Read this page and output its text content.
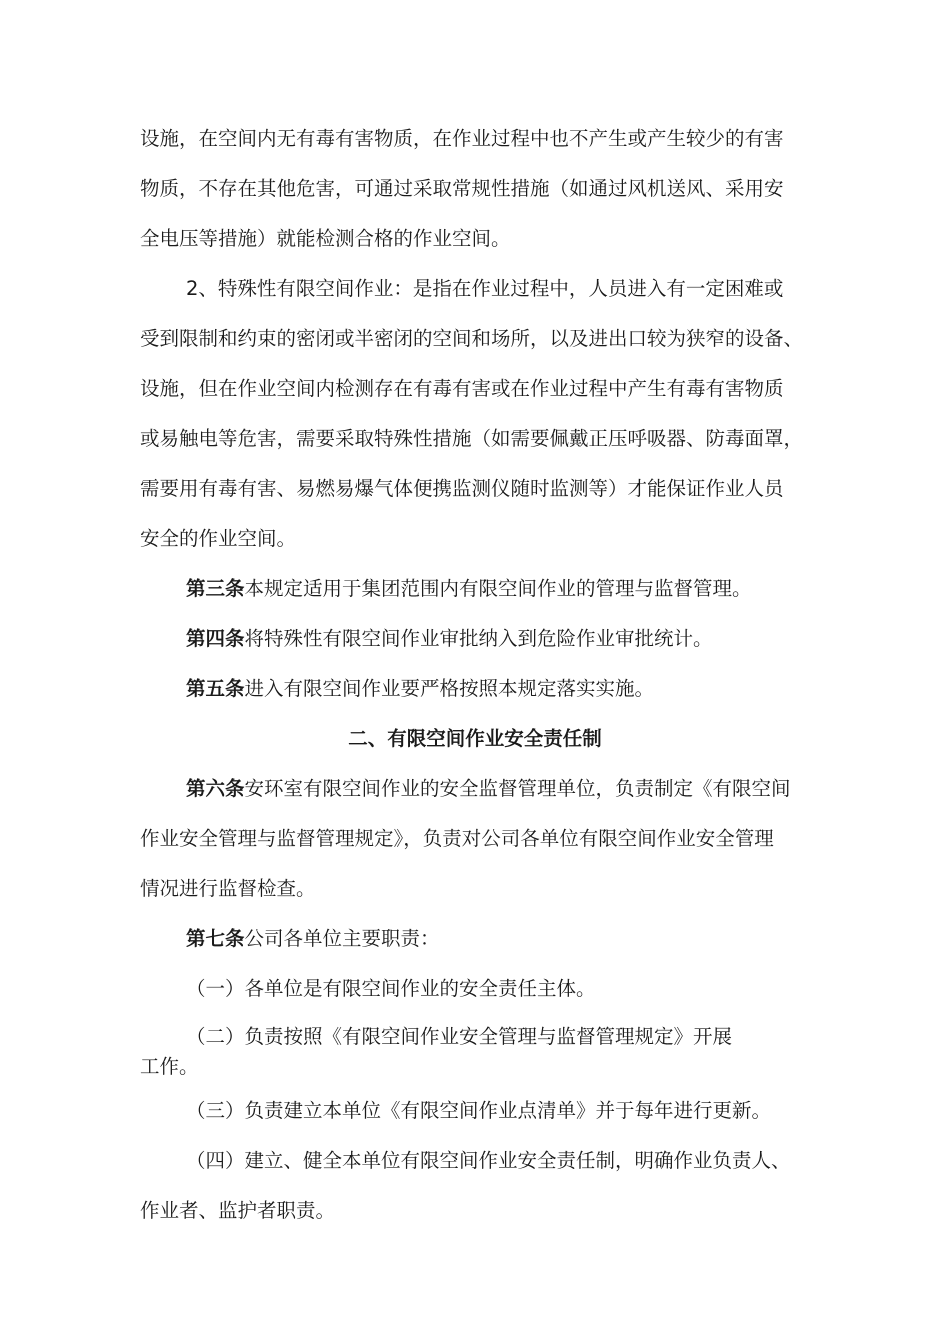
设施，在空间内无有毒有害物质，在作业过程中也不产生或产生较少的有害
物质，不存在其他危害，可通过采取常规性措施（如通过风机送风、采用安
全电压等措施）就能检测合格的作业空间。
2、特殊性有限空间作业：是指在作业过程中，人员进入有一定困难或
受到限制和约束的密闭或半密闭的空间和场所，以及进出口较为狭窄的设备、
设施，但在作业空间内检测存在有毒有害或在作业过程中产生有毒有害物质
或易触电等危害，需要采取特殊性措施（如需要佩戴正压呼吸器、防毒面罩，
需要用有毒有害、易燃易爆气体便携监测仪随时监测等）才能保证作业人员
安全的作业空间。
第三条本规定适用于集团范围内有限空间作业的管理与监督管理。
第四条将特殊性有限空间作业审批纳入到危险作业审批统计。
第五条进入有限空间作业要严格按照本规定落实实施。
二、有限空间作业安全责任制
第六条安环室有限空间作业的安全监督管理单位，负责制定《有限空间
作业安全管理与监督管理规定》，负责对公司各单位有限空间作业安全管理
情况进行监督检查。
第七条公司各单位主要职责：
（一）各单位是有限空间作业的安全责任主体。
（二）负责按照《有限空间作业安全管理与监督管理规定》开展
工作。
（三）负责建立本单位《有限空间作业点清单》并于每年进行更新。
（四）建立、健全本单位有限空间作业安全责任制，明确作业负责人、
作业者、监护者职责。
